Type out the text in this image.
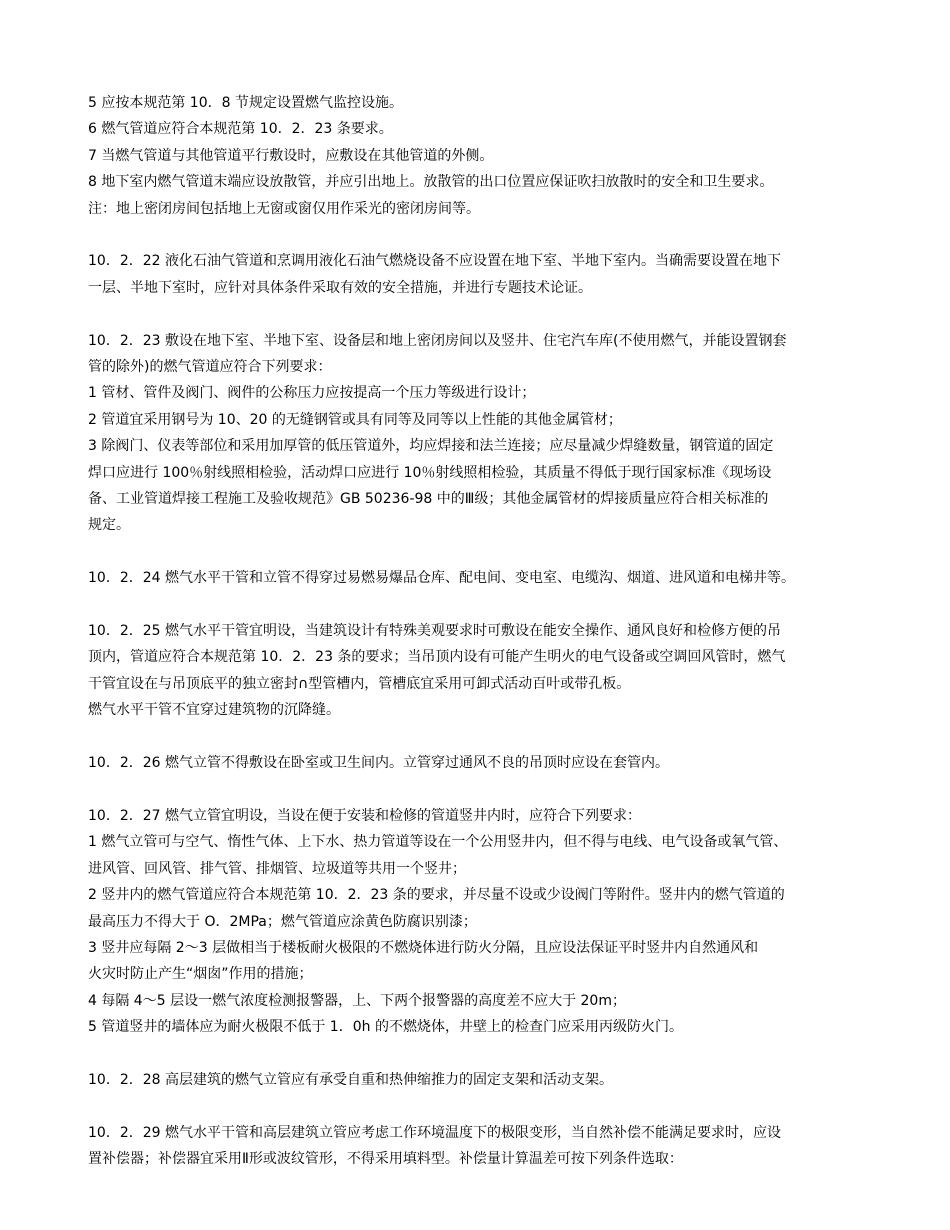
5 应按本规范第 10．8 节规定设置燃气监控设施。
6 燃气管道应符合本规范第 10．2．23 条要求。
7 当燃气管道与其他管道平行敷设时，应敷设在其他管道的外侧。
8 地下室内燃气管道末端应设放散管，并应引出地上。放散管的出口位置应保证吹扫放散时的安全和卫生要求。
注：地上密闭房间包括地上无窗或窗仅用作采光的密闭房间等。
10．2．22 液化石油气管道和烹调用液化石油气燃烧设备不应设置在地下室、半地下室内。当确需要设置在地下
一层、半地下室时，应针对具体条件采取有效的安全措施，并进行专题技术论证。
10．2．23 敷设在地下室、半地下室、设备层和地上密闭房间以及竖井、住宅汽车库(不使用燃气，并能设置钢套
管的除外)的燃气管道应符合下列要求：
1 管材、管件及阀门、阀件的公称压力应按提高一个压力等级进行设计；
2 管道宜采用钢号为 10、20 的无缝钢管或具有同等及同等以上性能的其他金属管材；
3 除阀门、仪表等部位和采用加厚管的低压管道外，均应焊接和法兰连接；应尽量减少焊缝数量，钢管道的固定
焊口应进行 100％射线照相检验，活动焊口应进行 10％射线照相检验，其质量不得低于现行国家标准《现场设
备、工业管道焊接工程施工及验收规范》GB 50236-98 中的Ⅲ级；其他金属管材的焊接质量应符合相关标准的
规定。
10．2．24 燃气水平干管和立管不得穿过易燃易爆品仓库、配电间、变电室、电缆沟、烟道、进风道和电梯井等。
10．2．25 燃气水平干管宜明设，当建筑设计有特殊美观要求时可敷设在能安全操作、通风良好和检修方便的吊
顶内，管道应符合本规范第 10．2．23 条的要求；当吊顶内设有可能产生明火的电气设备或空调回风管时，燃气
干管宜设在与吊顶底平的独立密封∩型管槽内，管槽底宜采用可卸式活动百叶或带孔板。
燃气水平干管不宜穿过建筑物的沉降缝。
10．2．26 燃气立管不得敷设在卧室或卫生间内。立管穿过通风不良的吊顶时应设在套管内。
10．2．27 燃气立管宜明设，当设在便于安装和检修的管道竖井内时，应符合下列要求：
1 燃气立管可与空气、惰性气体、上下水、热力管道等设在一个公用竖井内，但不得与电线、电气设备或氧气管、
进风管、回风管、排气管、排烟管、垃圾道等共用一个竖井；
2 竖井内的燃气管道应符合本规范第 10．2．23 条的要求，并尽量不设或少设阀门等附件。竖井内的燃气管道的
最高压力不得大于 O．2MPa；燃气管道应涂黄色防腐识别漆；
3 竖井应每隔 2～3 层做相当于楼板耐火极限的不燃烧体进行防火分隔，且应设法保证平时竖井内自然通风和
火灾时防止产生“烟囱”作用的措施；
4 每隔 4～5 层设一燃气浓度检测报警器，上、下两个报警器的高度差不应大于 20m；
5 管道竖井的墙体应为耐火极限不低于 1．0h 的不燃烧体，井壁上的检查门应采用丙级防火门。
10．2．28 高层建筑的燃气立管应有承受自重和热伸缩推力的固定支架和活动支架。
10．2．29 燃气水平干管和高层建筑立管应考虑工作环境温度下的极限变形，当自然补偿不能满足要求时，应设
置补偿器；补偿器宜采用Ⅱ形或波纹管形，不得采用填料型。补偿量计算温差可按下列条件选取：
